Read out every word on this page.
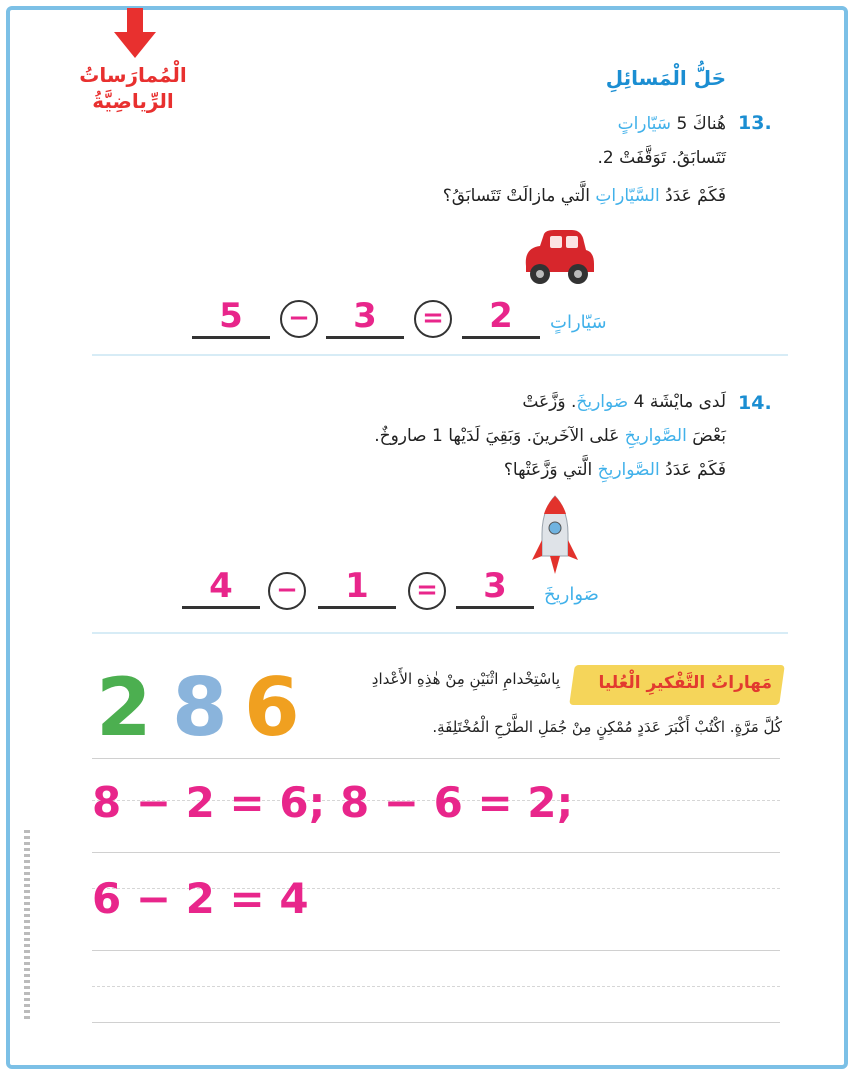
الْمُمارَساتُ
الرِّياضِيَّةُ
حَلُّ الْمَسائِلِ
13.
هُناكَ 5 سَيّاراتٍ
تَتَسابَقُ. تَوَقَّفَتْ 2.
فَكَمْ عَدَدُ السَّيّاراتِ الَّتي مازالَتْ تَتَسابَقُ؟
5	−	3	=	2	سَيّاراتٍ
14.
لَدى مايْشَة 4 صَواريخَ. وَزَّعَتْ
بَعْضَ الصَّواريخِ عَلى الآخَرينَ. وَبَقِيَ لَدَيْها 1 صاروخٌ.
فَكَمْ عَدَدُ الصَّواريخِ الَّتي وَزَّعَتْها؟
4	−	1	=	3	صَواريخَ
مَهاراتُ التَّفْكيرِ الْعُليا
بِاسْتِخْدامِ اثْنَيْنِ مِنْ هٰذِهِ الأَعْدادِ
كُلَّ مَرَّةٍ. اكْتُبْ أَكْبَرَ عَدَدٍ مُمْكِنٍ مِنْ جُمَلِ الطَّرْحِ الْمُخْتَلِفَةِ.
2 8 6
8 − 2 = 6; 8 − 6 = 2;
6 − 2 = 4
